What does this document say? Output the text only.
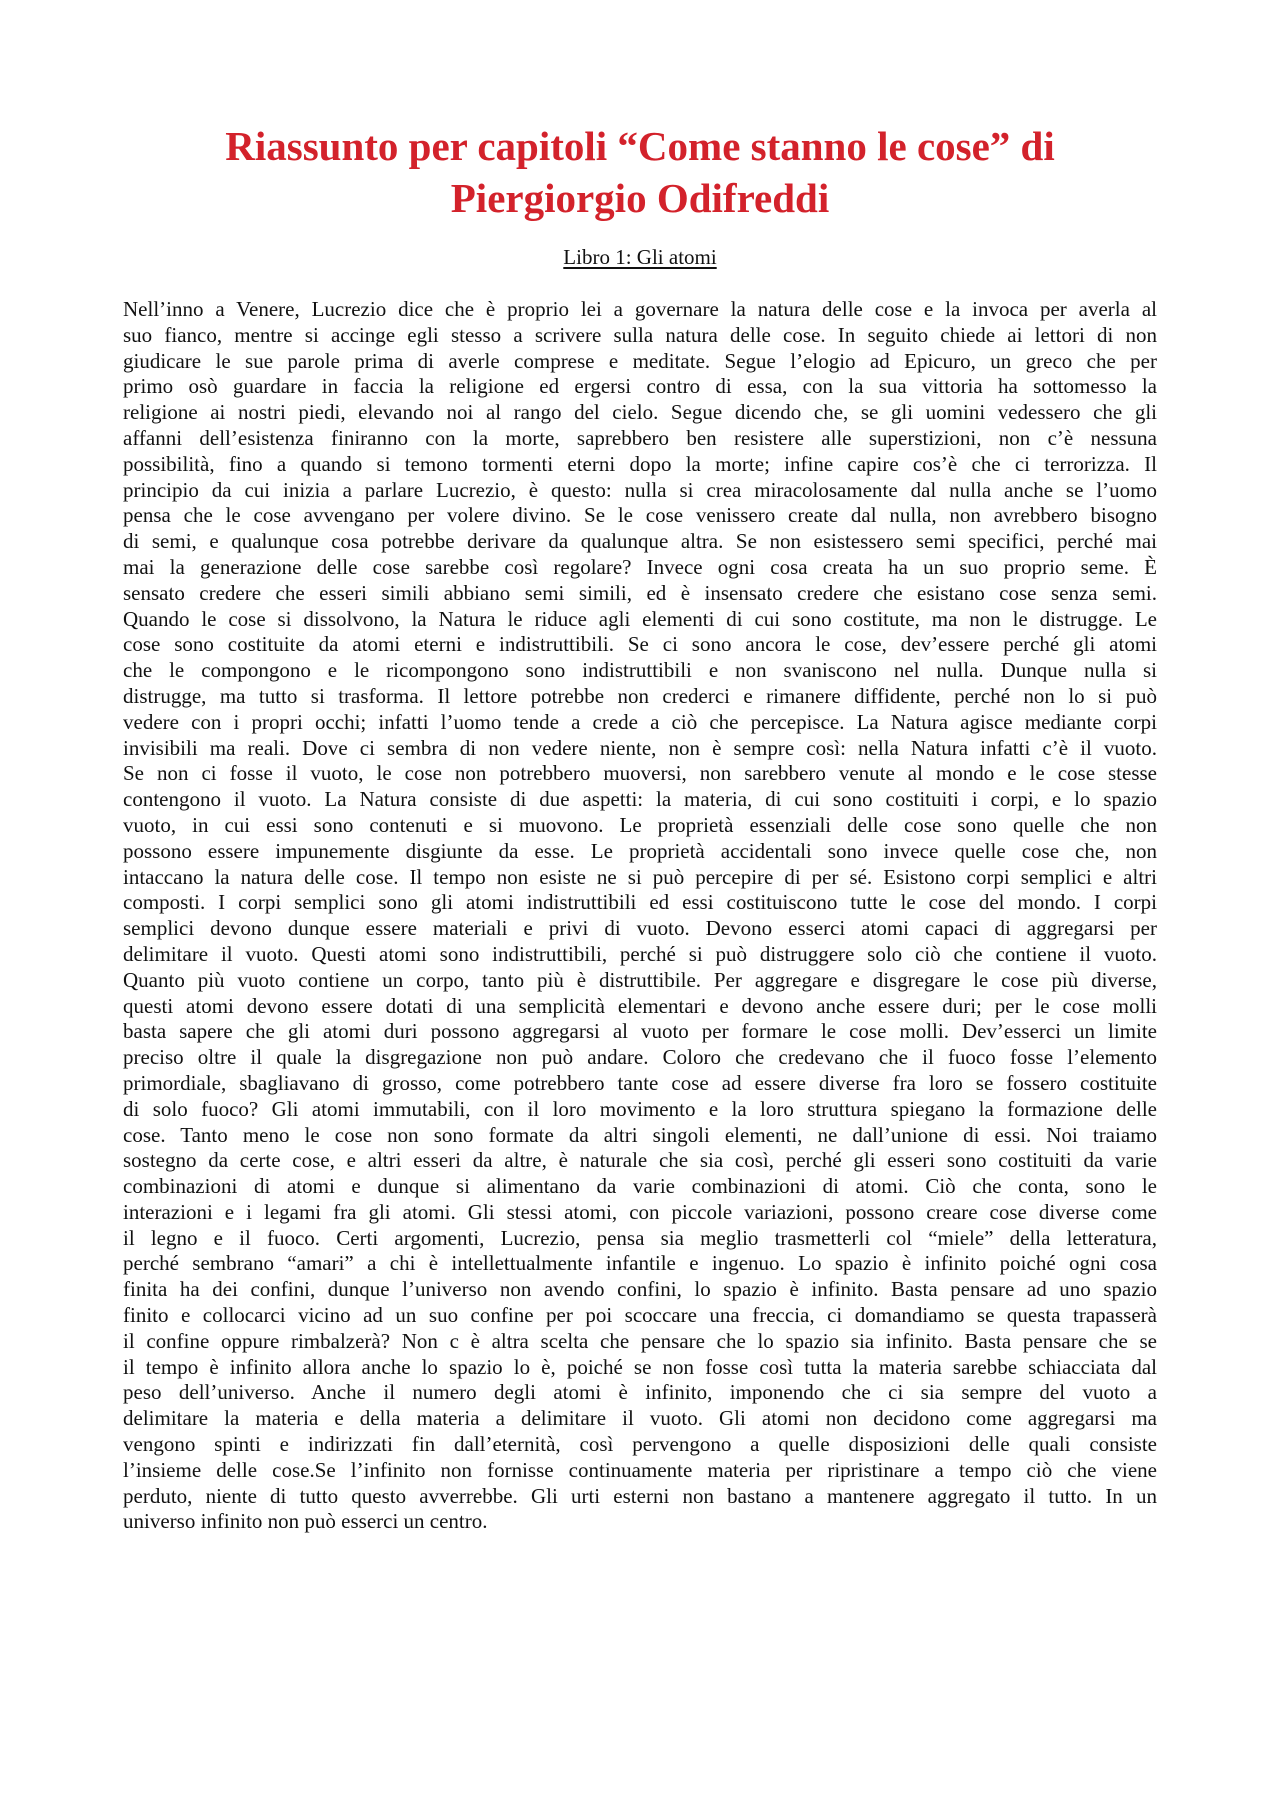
Riassunto per capitoli “Come stanno le cose” di
Piergiorgio Odifreddi
Libro 1: Gli atomi
Nell’inno a Venere, Lucrezio dice che è proprio lei a governare la natura delle cose e la invoca per averla al
suo fianco, mentre si accinge egli stesso a scrivere sulla natura delle cose. In seguito chiede ai lettori di non
giudicare le sue parole prima di averle comprese e meditate. Segue l’elogio ad Epicuro, un greco che per
primo osò guardare in faccia la religione ed ergersi contro di essa, con la sua vittoria ha sottomesso la
religione ai nostri piedi, elevando noi al rango del cielo. Segue dicendo che, se gli uomini vedessero che gli
affanni dell’esistenza finiranno con la morte, saprebbero ben resistere alle superstizioni, non c’è nessuna
possibilità, fino a quando si temono tormenti eterni dopo la morte; infine capire cos’è che ci terrorizza. Il
principio da cui inizia a parlare Lucrezio, è questo: nulla si crea miracolosamente dal nulla anche se l’uomo
pensa che le cose avvengano per volere divino. Se le cose venissero create dal nulla, non avrebbero bisogno
di semi, e qualunque cosa potrebbe derivare da qualunque altra. Se non esistessero semi specifici, perché mai
mai la generazione delle cose sarebbe così regolare? Invece ogni cosa creata ha un suo proprio seme. È
sensato credere che esseri simili abbiano semi simili, ed è insensato credere che esistano cose senza semi.
Quando le cose si dissolvono, la Natura le riduce agli elementi di cui sono costitute, ma non le distrugge. Le
cose sono costituite da atomi eterni e indistruttibili. Se ci sono ancora le cose, dev’essere perché gli atomi
che le compongono e le ricompongono sono indistruttibili e non svaniscono nel nulla. Dunque nulla si
distrugge, ma tutto si trasforma. Il lettore potrebbe non crederci e rimanere diffidente, perché non lo si può
vedere con i propri occhi; infatti l’uomo tende a crede a ciò che percepisce. La Natura agisce mediante corpi
invisibili ma reali. Dove ci sembra di non vedere niente, non è sempre così: nella Natura infatti c’è il vuoto.
Se non ci fosse il vuoto, le cose non potrebbero muoversi, non sarebbero venute al mondo e le cose stesse
contengono il vuoto. La Natura consiste di due aspetti: la materia, di cui sono costituiti i corpi, e lo spazio
vuoto, in cui essi sono contenuti e si muovono. Le proprietà essenziali delle cose sono quelle che non
possono essere impunemente disgiunte da esse. Le proprietà accidentali sono invece quelle cose che, non
intaccano la natura delle cose. Il tempo non esiste ne si può percepire di per sé. Esistono corpi semplici e altri
composti. I corpi semplici sono gli atomi indistruttibili ed essi costituiscono tutte le cose del mondo. I corpi
semplici devono dunque essere materiali e privi di vuoto. Devono esserci atomi capaci di aggregarsi per
delimitare il vuoto. Questi atomi sono indistruttibili, perché si può distruggere solo ciò che contiene il vuoto.
Quanto più vuoto contiene un corpo, tanto più è distruttibile. Per aggregare e disgregare le cose più diverse,
questi atomi devono essere dotati di una semplicità elementari e devono anche essere duri; per le cose molli
basta sapere che gli atomi duri possono aggregarsi al vuoto per formare le cose molli. Dev’esserci un limite
preciso oltre il quale la disgregazione non può andare. Coloro che credevano che il fuoco fosse l’elemento
primordiale, sbagliavano di grosso, come potrebbero tante cose ad essere diverse fra loro se fossero costituite
di solo fuoco? Gli atomi immutabili, con il loro movimento e la loro struttura spiegano la formazione delle
cose. Tanto meno le cose non sono formate da altri singoli elementi, ne dall’unione di essi. Noi traiamo
sostegno da certe cose, e altri esseri da altre, è naturale che sia così, perché gli esseri sono costituiti da varie
combinazioni di atomi e dunque si alimentano da varie combinazioni di atomi. Ciò che conta, sono le
interazioni e i legami fra gli atomi. Gli stessi atomi, con piccole variazioni, possono creare cose diverse come
il legno e il fuoco. Certi argomenti, Lucrezio, pensa sia meglio trasmetterli col “miele” della letteratura,
perché sembrano “amari” a chi è intellettualmente infantile e ingenuo. Lo spazio è infinito poiché ogni cosa
finita ha dei confini, dunque l’universo non avendo confini, lo spazio è infinito. Basta pensare ad uno spazio
finito e collocarci vicino ad un suo confine per poi scoccare una freccia, ci domandiamo se questa trapasserà
il confine oppure rimbalzerà? Non c è altra scelta che pensare che lo spazio sia infinito. Basta pensare che se
il tempo è infinito allora anche lo spazio lo è, poiché se non fosse così tutta la materia sarebbe schiacciata dal
peso dell’universo. Anche il numero degli atomi è infinito, imponendo che ci sia sempre del vuoto a
delimitare la materia e della materia a delimitare il vuoto. Gli atomi non decidono come aggregarsi ma
vengono spinti e indirizzati fin dall’eternità, così pervengono a quelle disposizioni delle quali consiste
l’insieme delle cose.Se l’infinito non fornisse continuamente materia per ripristinare a tempo ciò che viene
perduto, niente di tutto questo avverrebbe. Gli urti esterni non bastano a mantenere aggregato il tutto. In un
universo infinito non può esserci un centro.
